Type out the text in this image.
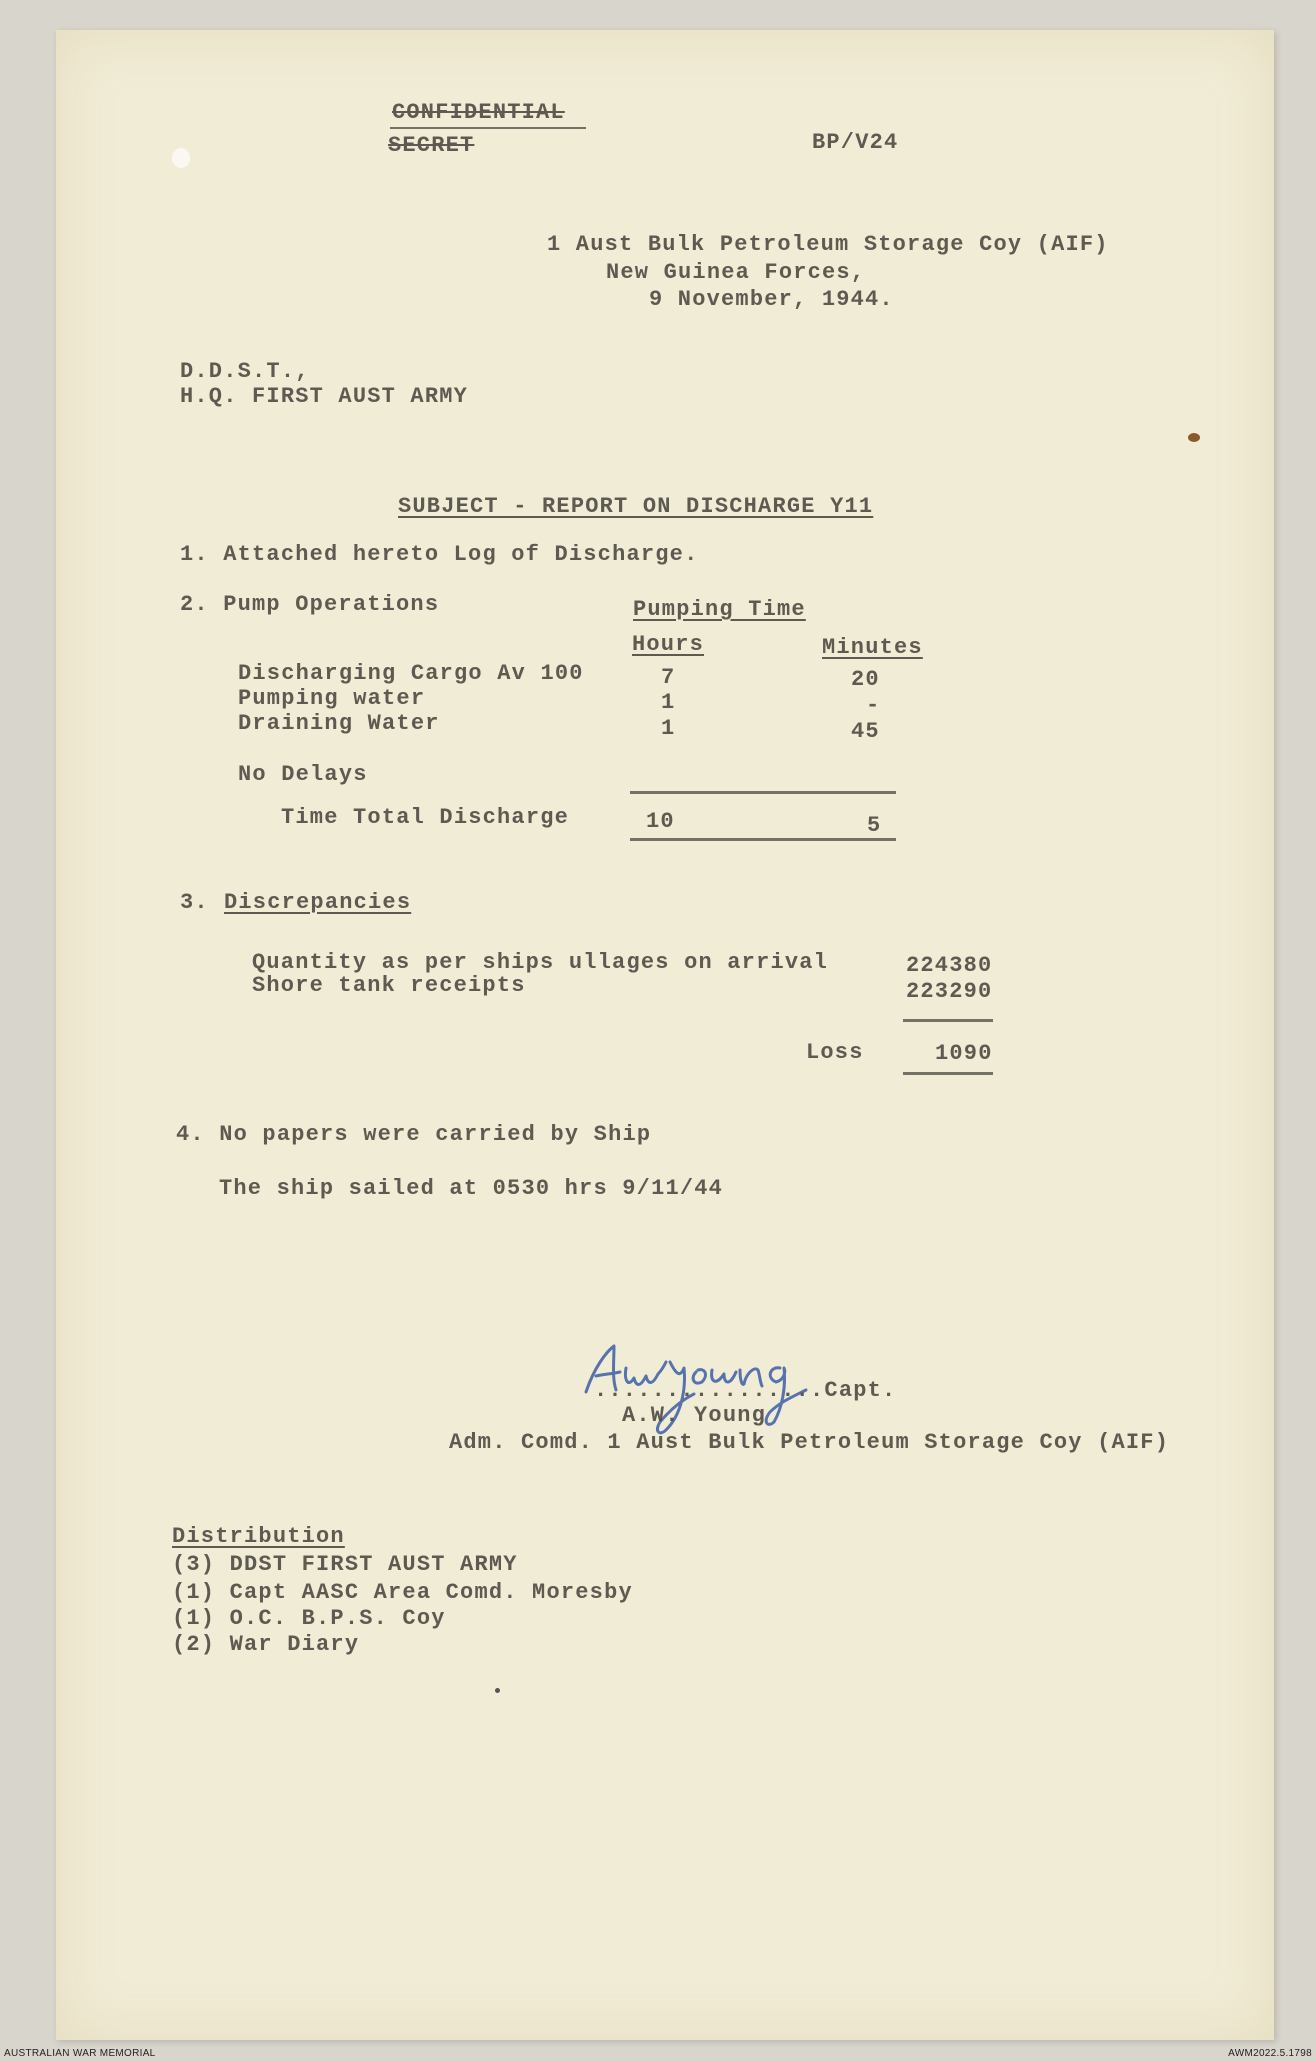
CONFIDENTIAL
SECRET	BP/V24
1 Aust Bulk Petroleum Storage Coy (AIF)
New Guinea Forces,
9 November, 1944.
D.D.S.T.,
H.Q. FIRST AUST ARMY
SUBJECT - REPORT ON DISCHARGE Y11
1. Attached hereto Log of Discharge.
2. Pump Operations	Pumping Time
Hours	Minutes
Discharging Cargo Av 100	7	20
Pumping water	1	-
Draining Water	1	45
No Delays
Time Total Discharge	10	5
3. Discrepancies
Quantity as per ships ullages on arrival	224380
Shore tank receipts	223290
Loss	1090
4. No papers were carried by Ship
The ship sailed at 0530 hrs 9/11/44
................Capt.
A.W. Young
Adm. Comd. 1 Aust Bulk Petroleum Storage Coy (AIF)
Distribution
(3) DDST FIRST AUST ARMY
(1) Capt AASC Area Comd. Moresby
(1) O.C. B.P.S. Coy
(2) War Diary
AUSTRALIAN WAR MEMORIAL	AWM2022.5.1798
